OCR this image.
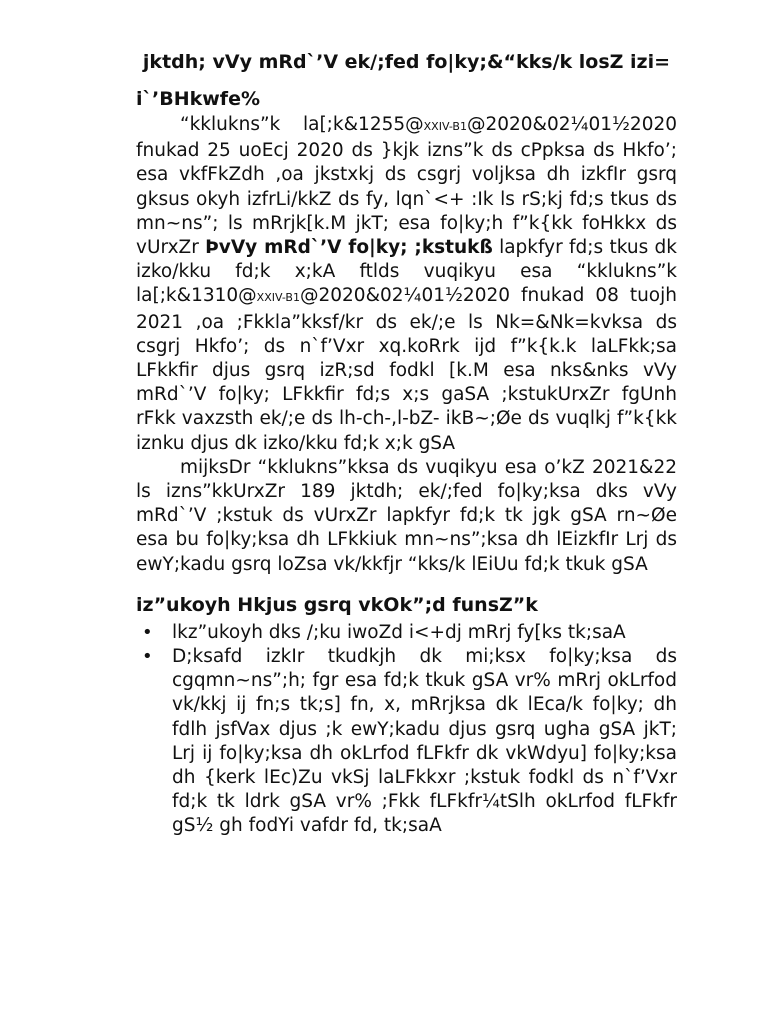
jktdh; vVy mRd`’V ek/;fed fo|ky;&“kks/k losZ izi=
i`’BHkwfe%

“kklukns”k la[;k&1255@XXIV-B1@2020&02¼01½2020 fnukad 25 uoEcj 2020 ds }kjk izns”k ds cPpksa ds Hkfo’; esa vkfFkZdh ,oa jkstxkj ds csgrj voljksa dh izkfIr gsrq gksus okyh izfrLi/kkZ ds fy, lqn`<+ :Ik ls rS;kj fd;s tkus ds mn~ns”; ls mRrjk[k.M jkT; esa fo|ky;h f”k{kk foHkkx ds vUrxZr ÞvVy mRd`’V fo|ky; ;kstukß lapkfyr fd;s tkus dk izko/kku fd;k x;kA ftlds vuqikyu esa “kklukns”k la[;k&1310@XXIV-B1@2020&02¼01½2020 fnukad 08 tuojh 2021 ,oa ;Fkkla”kksf/kr ds ek/;e ls Nk=&Nk=kvksa ds csgrj Hkfo’; ds n`f’Vxr xq.koRrk ijd f”k{k.k laLFkk;sa LFkkfir djus gsrq izR;sd fodkl [k.M esa nks&nks vVy mRd`’V fo|ky; LFkkfir fd;s x;s gaSA ;kstukUrxZr fgUnh rFkk vaxzsth ek/;e ds lh-ch-,l-bZ- ikB~;Øe ds vuqlkj f”k{kk iznku djus dk izko/kku fd;k x;k gSA

mijksDr “kklukns”kksa ds vuqikyu esa o’kZ 2021&22 ls izns”kkUrxZr 189 jktdh; ek/;fed fo|ky;ksa dks vVy mRd`’V ;kstuk ds vUrxZr lapkfyr fd;k tk jgk gSA rn~Øe esa bu fo|ky;ksa dh LFkkiuk mn~ns”;ksa dh lEizkfIr Lrj ds ewY;kadu gsrq loZsa vk/kkfjr “kks/k lEiUu fd;k tkuk gSA

iz”ukoyh Hkjus gsrq vkOk”;d funsZ”k
• lkz”ukoyh dks /;ku iwoZd i<+dj mRrj fy[ks tk;saA
• D;ksafd izkIr tkudkjh dk mi;ksx fo|ky;ksa ds cgqmn~ns”;h; fgr esa fd;k tkuk gSA vr% mRrj okLrfod vk/kkj ij fn;s tk;s] fn, x, mRrjksa dk lEca/k fo|ky; dh fdlh jsfVax djus ;k ewY;kadu djus gsrq ugha gSA jkT; Lrj ij fo|ky;ksa dh okLrfod fLFkfr dk vkWdyu] fo|ky;ksa dh {kerk lEc)Zu vkSj laLFkkxr ;kstuk fodkl ds n`f’Vxr fd;k tk ldrk gSA vr% ;Fkk fLFkfr¼tSlh okLrfod fLFkfr gS½ gh fodYi vafdr fd, tk;saA
